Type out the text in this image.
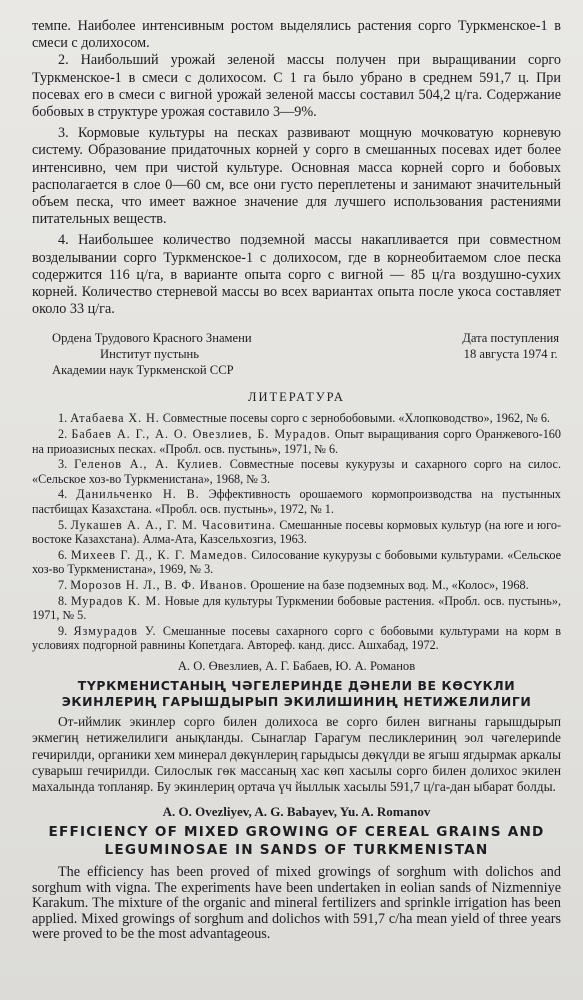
темпе. Наиболее интенсивным ростом выделялись растения сорго Туркменское-1 в смеси с долихосом.

2. Наибольший урожай зеленой массы получен при выращивании сорго Туркменское-1 в смеси с долихосом. С 1 га было убрано в среднем 591,7 ц. При посевах его в смеси с вигной урожай зеленой массы составил 504,2 ц/га. Содержание бобовых в структуре урожая составило 3—9%.

3. Кормовые культуры на песках развивают мощную мочковатую корневую систему. Образование придаточных корней у сорго в смешанных посевах идет более интенсивно, чем при чистой культуре. Основная масса корней сорго и бобовых располагается в слое 0—60 см, все они густо переплетены и занимают значительный объем песка, что имеет важное значение для лучшего использования растениями питательных веществ.

4. Наибольшее количество подземной массы накапливается при совместном возделывании сорго Туркменское-1 с долихосом, где в корнеобитаемом слое песка содержится 116 ц/га, в варианте опыта сорго с вигной — 85 ц/га воздушно-сухих корней. Количество стерневой массы во всех вариантах опыта после укоса составляет около 33 ц/га.

Ордена Трудового Красного Знамени
Институт пустынь
Академии наук Туркменской ССР
Дата поступления
18 августа 1974 г.
ЛИТЕРАТУРА

1. Атабаева Х. Н. Совместные посевы сорго с зернобобовыми. «Хлопководство», 1962, № 6.

2. Бабаев А. Г., А. О. Овезлиев, Б. Мурадов. Опыт выращивания сорго Оранжевого-160 на приоазисных песках. «Пробл. осв. пустынь», 1971, № 6.

3. Геленов А., А. Кулиев. Совместные посевы кукурузы и сахарного сорго на силос. «Сельское хоз-во Туркменистана», 1968, № 3.

4. Данильченко Н. В. Эффективность орошаемого кормопроизводства на пустынных пастбищах Казахстана. «Пробл. осв. пустынь», 1972, № 1.

5. Лукашев А. А., Г. М. Часовитина. Смешанные посевы кормовых культур (на юге и юго-востоке Казахстана). Алма-Ата, Казсельхозгиз, 1963.

6. Михеев Г. Д., К. Г. Мамедов. Силосование кукурузы с бобовыми культурами. «Сельское хоз-во Туркменистана», 1969, № 3.

7. Морозов Н. Л., В. Ф. Иванов. Орошение на базе подземных вод. М., «Колос», 1968.

8. Мурадов К. М. Новые для культуры Туркмении бобовые растения. «Пробл. осв. пустынь», 1971, № 5.

9. Язмурадов У. Смешанные посевы сахарного сорго с бобовыми культурами на корм в условиях подгорной равнины Копетдага. Автореф. канд. дисс. Ашхабад, 1972.

А. О. Өвезлиев, А. Г. Бабаев, Ю. А. Романов
ТҮРКМЕНИСТАНЫҢ ЧӘГЕЛЕРИНДЕ ДӘНЕЛИ ВЕ КӨСҮКЛИ ЭКИНЛЕРИҢ ГАРЫШДЫРЫП ЭКИЛИШИНИҢ НЕТИЖЕЛИЛИГИ

От-иймлик экинлер сорго билен долихоса ве сорго билен вигнаны гарышдырып экмегиң нетижелилиги анықланды. Сынаглар Гарагум песликлериниң эол чәгелериnde гечирилди, органики хем минерал дөкүнлериң гарыдысы дөкүлди ве ягыш ягдырмак аркалы суварыш гечирилди. Силослык гөк массаның хас көп хасылы сорго билен долихос экилен махалында топланяр. Бу экинлериң ортача үч йыллык хасылы 591,7 ц/га-дан ыбарат болды.

A. O. Ovezliyev, A. G. Babayev, Yu. A. Romanov
EFFICIENCY OF MIXED GROWING OF CEREAL GRAINS AND LEGUMINOSAE IN SANDS OF TURKMENISTAN

The efficiency has been proved of mixed growings of sorghum with dolichos and sorghum with vigna. The experiments have been undertaken in eolian sands of Nizmenniye Karakum. The mixture of the organic and mineral fertilizers and sprinkle irrigation has been applied. Mixed growings of sorghum and dolichos with 591,7 c/ha mean yield of three years were proved to be the most advantageous.
